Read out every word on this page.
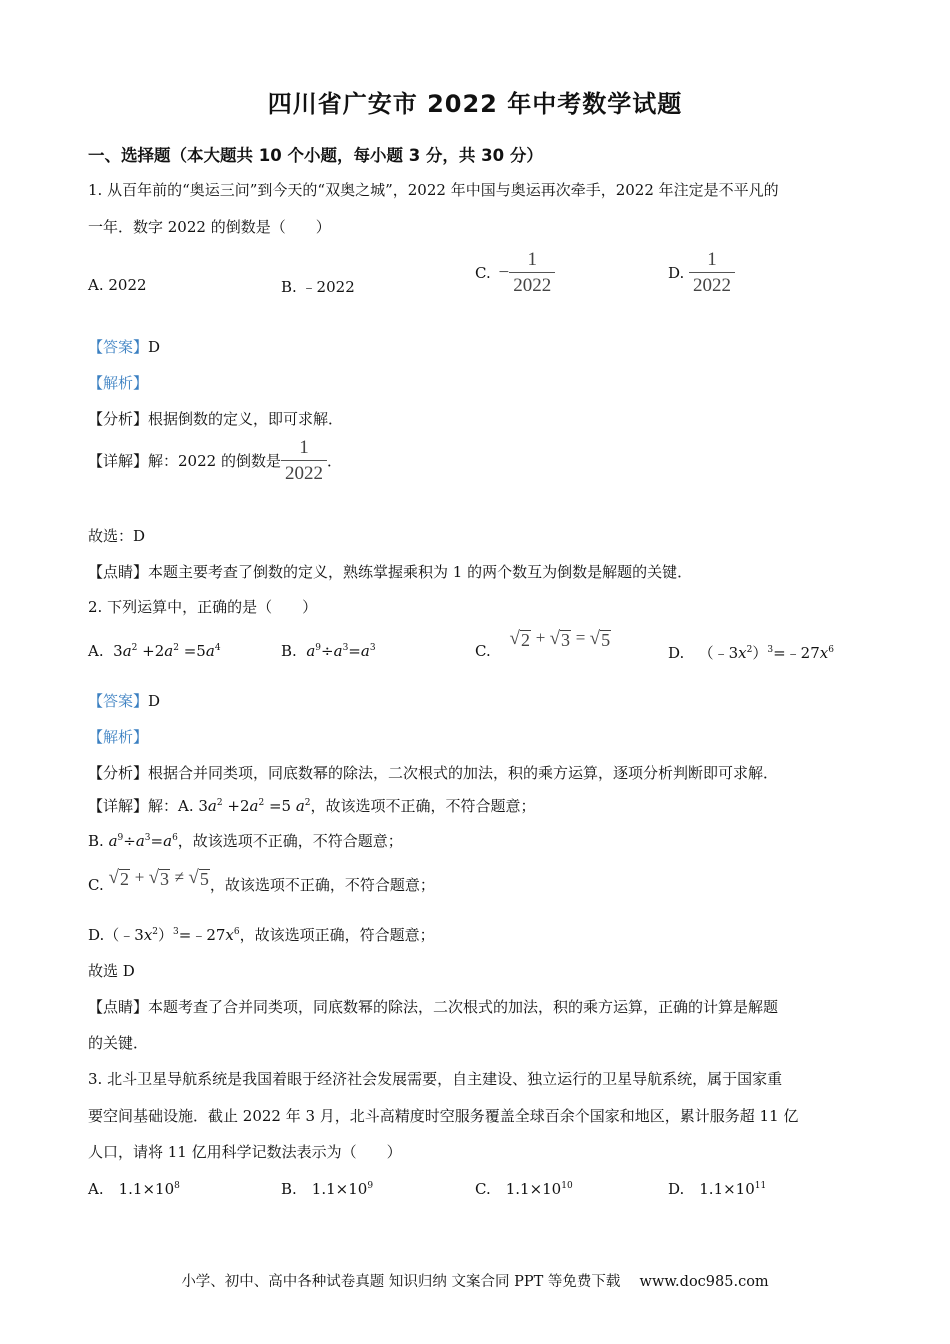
四川省广安市 2022 年中考数学试题
一、选择题（本大题共 10 个小题，每小题 3 分，共 30 分）
1. 从百年前的“奥运三问”到今天的“双奥之城”，2022 年中国与奥运再次牵手，2022 年注定是不平凡的
一年．数字 2022 的倒数是（　　）
A. 2022	B. ﹣2022
C. − $\frac{1}{2022}$	D. $\frac{1}{2022}$
【答案】D
【解析】
【分析】根据倒数的定义，即可求解．
【详解】解：2022 的倒数是 $\frac{1}{2022}$ ．
故选：D
【点睛】本题主要考查了倒数的定义，熟练掌握乘积为 1 的两个数互为倒数是解题的关键．
2. 下列运算中，正确的是（　　）
A.  $3a^2 +2a^2 =5a^4$	B. $a^9\div a^3=a^3$	C.
√ 2 + √ 3 = √ 5
D.   $(﹣3x^2)^3=﹣27x^6$
【答案】D
【解析】
【分析】根据合并同类项，同底数幂的除法，二次根式的加法，积的乘方运算，逐项分析判断即可求解．
【详解】解：A. $3a^2 +2a^2 =5$ $a^2$，故该选项不正确，不符合题意；
B. $a^9\div a^3=a^6$，故该选项不正确，不符合题意；
C. √ 2 + √ 3 ≠ √ 5 ，故该选项不正确，不符合题意；
$D.(﹣3x^2)^3=﹣27x^6$，故该选项正确，符合题意；
故选 D
【点睛】本题考查了合并同类项，同底数幂的除法，二次根式的加法，积的乘方运算，正确的计算是解题
的关键．
3. 北斗卫星导航系统是我国着眼于经济社会发展需要，自主建设、独立运行的卫星导航系统，属于国家重
要空间基础设施．截止 2022 年 3 月，北斗高精度时空服务覆盖全球百余个国家和地区，累计服务超 11 亿
人口，请将 11 亿用科学记数法表示为（　　）
A.　$1.1\times 10^8$	B.　$1.1\times 10^9$	C.　$1.1\times 10^{10}$	D.　$1.1\times 10^{11}$
小学、初中、高中各种试卷真题 知识归纳 文案合同 PPT 等免费下载　 www.doc985.com
